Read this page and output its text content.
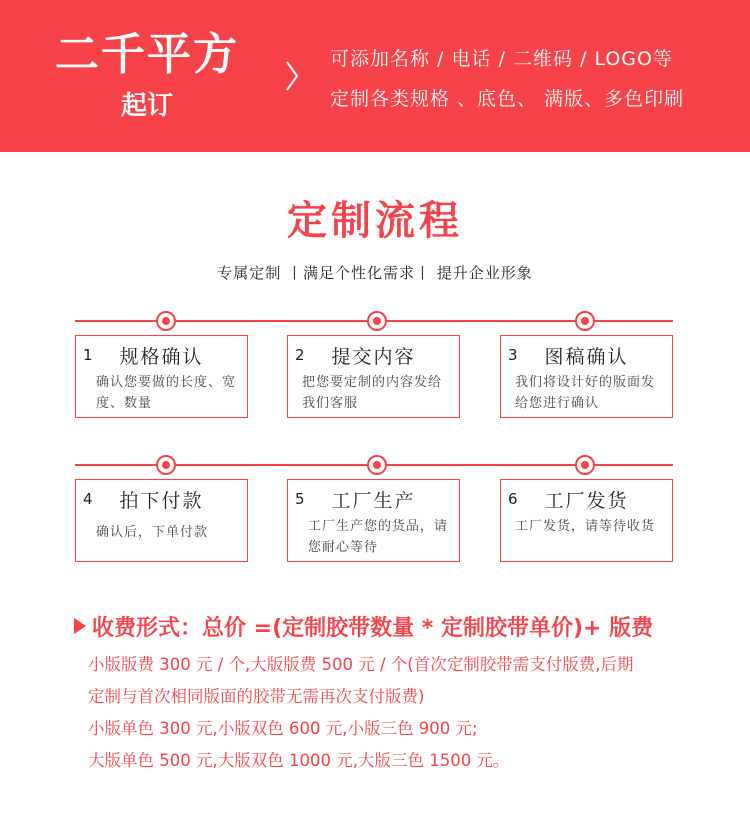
二千平方
起订
可添加名称 / 电话 / 二维码 / LOGO等
定制各类规格 、底色、 满版、多色印刷
定制流程
专属定制 丨满足个性化需求丨 提升企业形象
1	规格确认
确认您要做的长度、宽度、数量
2	提交内容
把您要定制的内容发给我们客服
3	图稿确认
我们将设计好的版面发给您进行确认
4	拍下付款
确认后，下单付款
5	工厂生产
工厂生产您的货品，请您耐心等待
6	工厂发货
工厂发货，请等待收货
收费形式：总价 =(定制胶带数量 * 定制胶带单价)+ 版费
小版版费 300 元 / 个,大版版费 500 元 / 个(首次定制胶带需支付版费,后期
定制与首次相同版面的胶带无需再次支付版费)
小版单色 300 元,小版双色 600 元,小版三色 900 元;
大版单色 500 元,大版双色 1000 元,大版三色 1500 元。
